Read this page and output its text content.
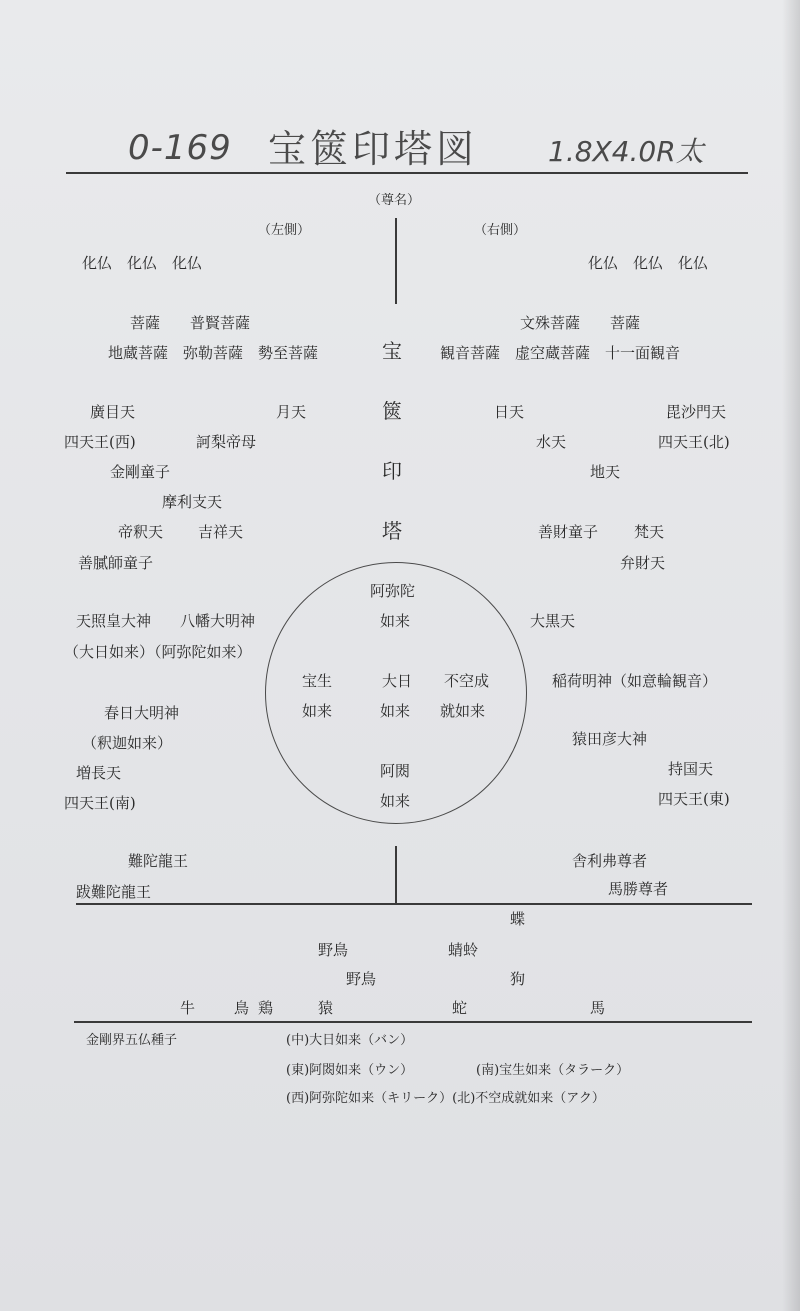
0-169 宝篋印塔図 1.8X4.0R太
（尊名）
（左側）	（右側）
化仏　化仏　化仏
菩薩　　普賢菩薩
地蔵菩薩　弥勒菩薩　勢至菩薩
廣目天	月天
四天王(西)	訶梨帝母
金剛童子
摩利支天
帝釈天 吉祥天
善膩師童子
天照皇大神 八幡大明神
（大日如来）（阿弥陀如来）
春日大明神
（釈迦如来）
増長天
四天王(南)
難陀龍王
跋難陀龍王
宝
篋
印
塔
化仏　化仏　化仏
文殊菩薩　　菩薩
観音菩薩　虚空蔵菩薩　十一面観音
日天	毘沙門天
水天	四天王(北)
地天
善財童子 梵天
弁財天
大黒天
稲荷明神（如意輪観音）
猿田彦大神
持国天
四天王(東)
舎利弗尊者
馬勝尊者
阿弥陀
如来
宝生
如来
大日
如来
不空成
就如来
阿閦
如来
蝶
野鳥	蜻蛉
野鳥	狗
牛	鳥 鶏	猿	蛇	馬
金剛界五仏種子	(中)大日如来（バン）
(東)阿閦如来（ウン）	(南)宝生如来（タラーク）
(西)阿弥陀如来（キリーク）(北)不空成就如来（アク）
